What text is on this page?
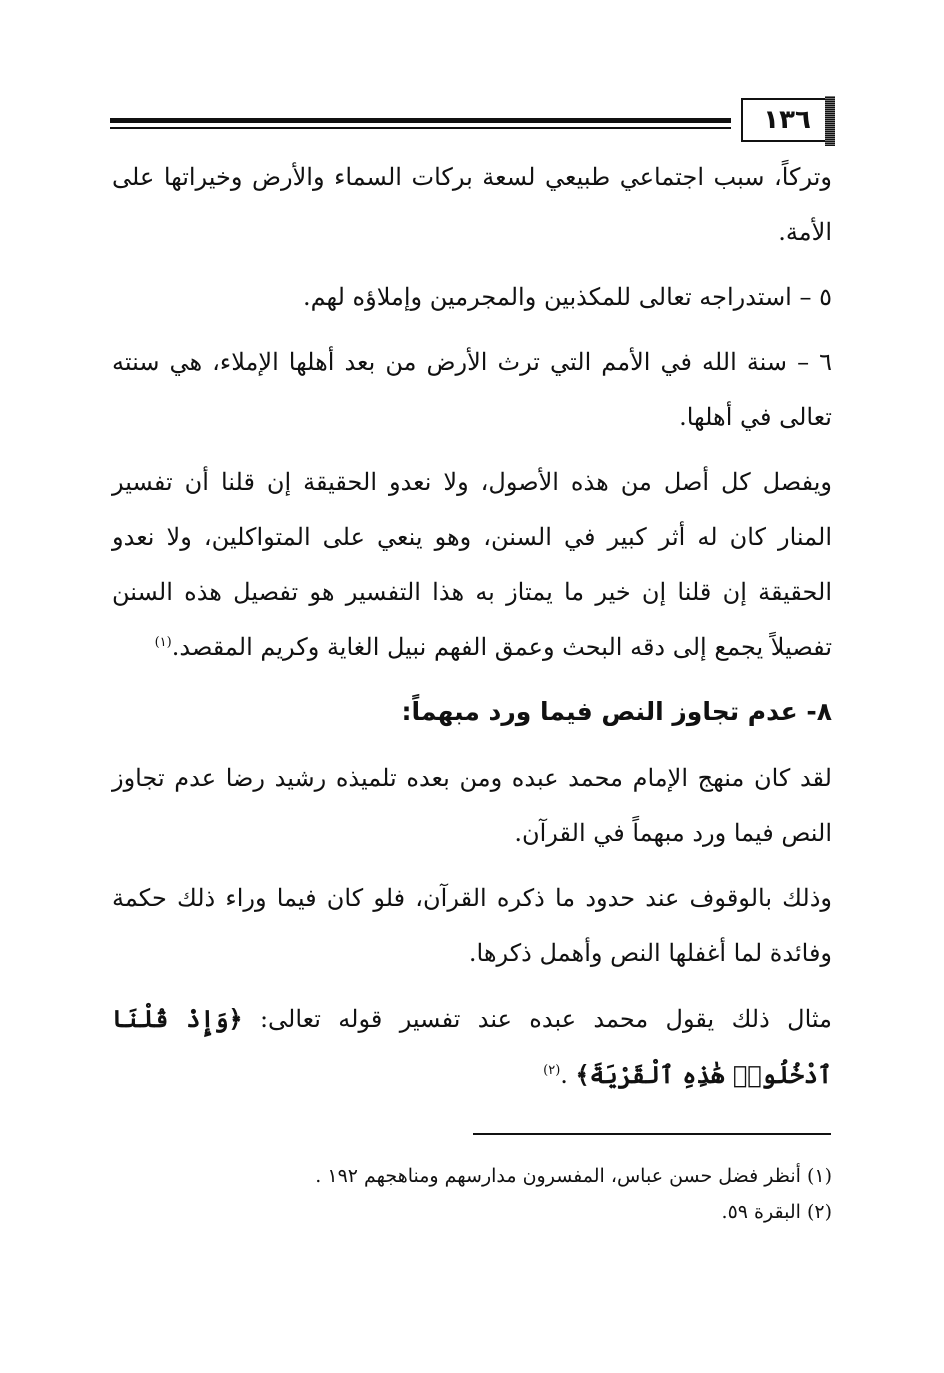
١٣٦

وتركاً، سبب اجتماعي طبيعي لسعة بركات السماء والأرض وخيراتها على الأمة.

٥ – استدراجه تعالى للمكذبين والمجرمين وإملاؤه لهم.

٦ – سنة الله في الأمم التي ترث الأرض من بعد أهلها الإملاء، هي سنته تعالى في أهلها.

ويفصل كل أصل من هذه الأصول، ولا نعدو الحقيقة إن قلنا أن تفسير المنار كان له أثر كبير في السنن، وهو ينعي على المتواكلين، ولا نعدو الحقيقة إن قلنا إن خير ما يمتاز به هذا التفسير هو تفصيل هذه السنن تفصيلاً يجمع إلى دقه البحث وعمق الفهم نبيل الغاية وكريم المقصد.$^{(١)}$

٨- عدم تجاوز النص فيما ورد مبهماً:

لقد كان منهج الإمام محمد عبده ومن بعده تلميذه رشيد رضا عدم تجاوز النص فيما ورد مبهماً في القرآن.

وذلك بالوقوف عند حدود ما ذكره القرآن، فلو كان فيما وراء ذلك حكمة وفائدة لما أغفلها النص وأهمل ذكرها.

مثال ذلك يقول محمد عبده عند تفسير قوله تعالى: ﴿وَإِذْ قُلْنَا ٱدْخُلُوا۟ هَٰذِهِ ٱلْقَرْيَةَ﴾ .$^{(٢)}$

(١) أنظر فضل حسن عباس، المفسرون مدارسهم ومناهجهم ١٩٢ .

(٢) البقرة ٥٩.
